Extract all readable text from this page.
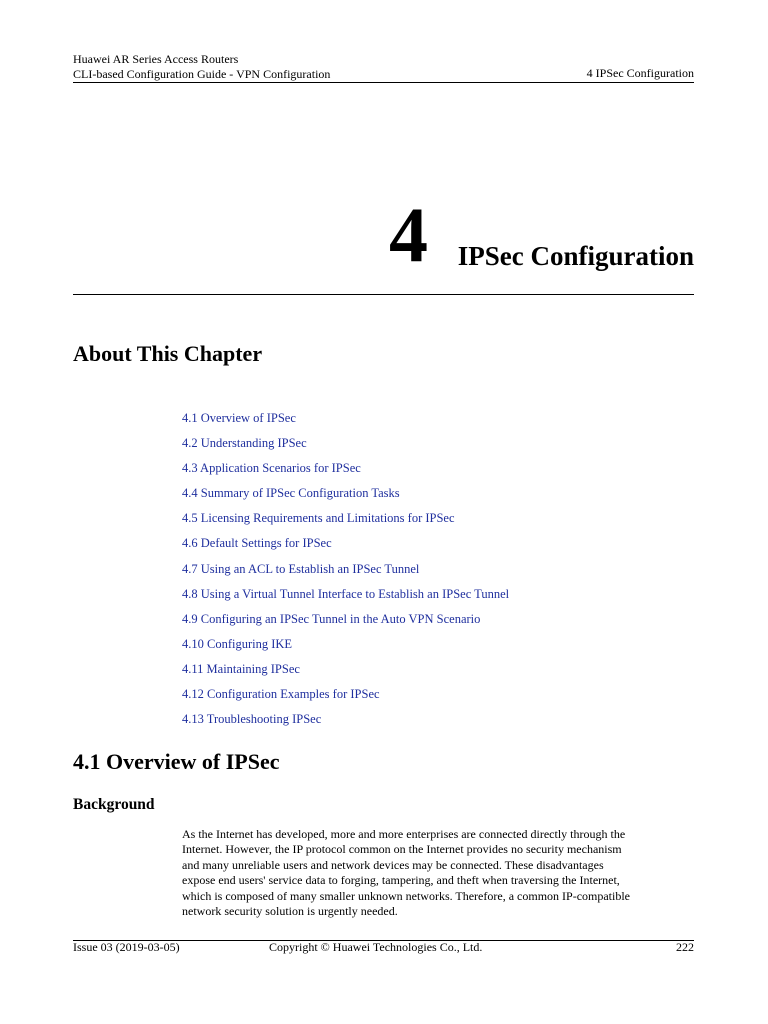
Huawei AR Series Access Routers
CLI-based Configuration Guide - VPN Configuration	4 IPSec Configuration
4 IPSec Configuration
About This Chapter
4.1 Overview of IPSec
4.2 Understanding IPSec
4.3 Application Scenarios for IPSec
4.4 Summary of IPSec Configuration Tasks
4.5 Licensing Requirements and Limitations for IPSec
4.6 Default Settings for IPSec
4.7 Using an ACL to Establish an IPSec Tunnel
4.8 Using a Virtual Tunnel Interface to Establish an IPSec Tunnel
4.9 Configuring an IPSec Tunnel in the Auto VPN Scenario
4.10 Configuring IKE
4.11 Maintaining IPSec
4.12 Configuration Examples for IPSec
4.13 Troubleshooting IPSec
4.1 Overview of IPSec
Background
As the Internet has developed, more and more enterprises are connected directly through the
Internet. However, the IP protocol common on the Internet provides no security mechanism
and many unreliable users and network devices may be connected. These disadvantages
expose end users' service data to forging, tampering, and theft when traversing the Internet,
which is composed of many smaller unknown networks. Therefore, a common IP-compatible
network security solution is urgently needed.
Issue 03 (2019-03-05)	Copyright © Huawei Technologies Co., Ltd.	222
